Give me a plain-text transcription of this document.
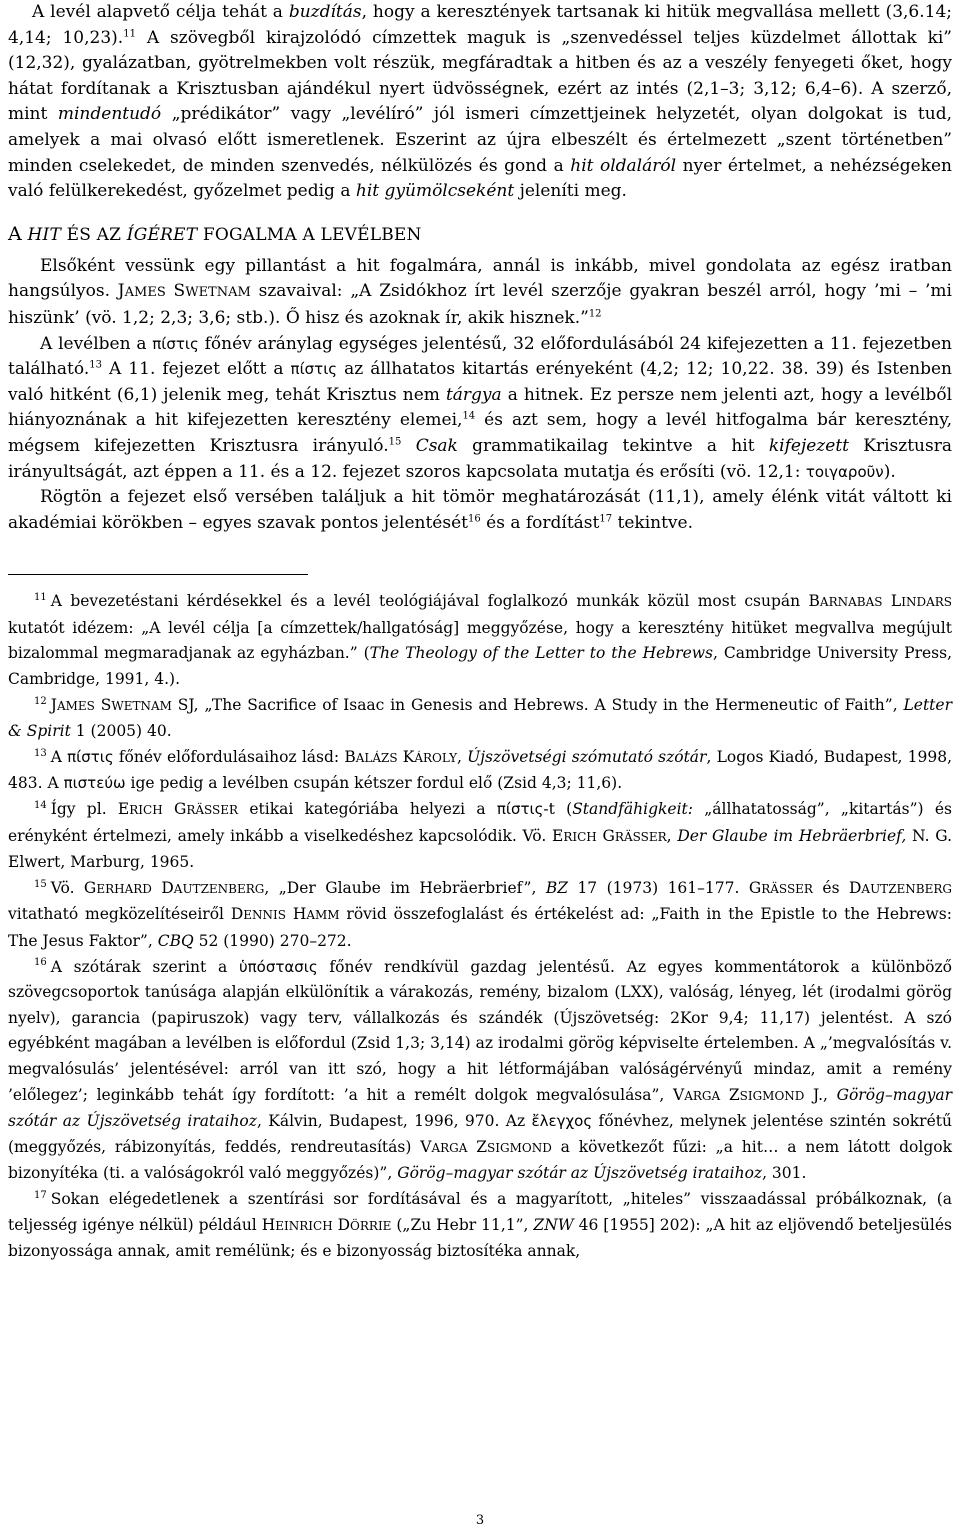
A levél alapvető célja tehát a buzdítás, hogy a keresztények tartsanak ki hitük megvallása mellett (3,6.14; 4,14; 10,23).$^{11}$ A szövegből kirajzolódó címzettek maguk is „szenvedéssel teljes küzdelmet állottak ki” (12,32), gyalázatban, gyötrelmekben volt részük, megfáradtak a hitben és az a veszély fenyegeti őket, hogy hátat fordítanak a Krisztusban ajándékul nyert üdvösségnek, ezért az intés (2,1–3; 3,12; 6,4–6). A szerző, mint mindentudó „prédikátor” vagy „levélíró” jól ismeri címzettjeinek helyzetét, olyan dolgokat is tud, amelyek a mai olvasó előtt ismeretlenek. Eszerint az újra elbeszélt és értelmezett „szent történetben” minden cselekedet, de minden szenvedés, nélkülözés és gond a hit oldaláról nyer értelmet, a nehézségeken való felülkerekedést, győzelmet pedig a hit gyümölcseként jeleníti meg.

A HIT ÉS AZ ÍGÉRET FOGALMA A LEVÉLBEN

Elsőként vessünk egy pillantást a hit fogalmára, annál is inkább, mivel gondolata az egész iratban hangsúlyos. JAMES SWETNAM szavaival: „A Zsidókhoz írt levél szerzője gyakran beszél arról, hogy ’mi – ’mi hiszünk’ (vö. 1,2; 2,3; 3,6; stb.). Ő hisz és azoknak ír, akik hisznek.”$^{12}$

A levélben a πίστις főnév aránylag egységes jelentésű, 32 előfordulásából 24 kifejezetten a 11. fejezetben található.$^{13}$ A 11. fejezet előtt a πίστις az állhatatos kitartás erényeként (4,2; 12; 10,22. 38. 39) és Istenben való hitként (6,1) jelenik meg, tehát Krisztus nem tárgya a hitnek. Ez persze nem jelenti azt, hogy a levélből hiányoznának a hit kifejezetten keresztény elemei,$^{14}$ és azt sem, hogy a levél hitfogalma bár keresztény, mégsem kifejezetten Krisztusra irányuló.$^{15}$ Csak grammatikailag tekintve a hit kifejezett Krisztusra irányultságát, azt éppen a 11. és a 12. fejezet szoros kapcsolata mutatja és erősíti (vö. 12,1: τοιγαροῦν).

Rögtön a fejezet első versében találjuk a hit tömör meghatározását (11,1), amely élénk vitát váltott ki akadémiai körökben – egyes szavak pontos jelentését$^{16}$ és a fordítást$^{17}$ tekintve.

$^{11}$ A bevezetéstani kérdésekkel és a levél teológiájával foglalkozó munkák közül most csupán BARNABAS LINDARS kutatót idézem: „A levél célja [a címzettek/hallgatóság] meggyőzése, hogy a keresztény hitüket megvallva megújult bizalommal megmaradjanak az egyházban.” (The Theology of the Letter to the Hebrews, Cambridge University Press, Cambridge, 1991, 4.).

$^{12}$ JAMES SWETNAM SJ, „The Sacrifice of Isaac in Genesis and Hebrews. A Study in the Hermeneutic of Faith”, Letter & Spirit 1 (2005) 40.

$^{13}$ A πίστις főnév előfordulásaihoz lásd: BALÁZS KÁROLY, Újszövetségi szómutató szótár, Logos Kiadó, Budapest, 1998, 483. A πιστεύω ige pedig a levélben csupán kétszer fordul elő (Zsid 4,3; 11,6).

$^{14}$ Így pl. ERICH GRÄSSER etikai kategóriába helyezi a πίστις-t (Standfähigkeit: „állhatatosság”, „kitartás”) és erényként értelmezi, amely inkább a viselkedéshez kapcsolódik. Vö. ERICH GRÄSSER, Der Glaube im Hebräerbrief, N. G. Elwert, Marburg, 1965.

$^{15}$ Vö. GERHARD DAUTZENBERG, „Der Glaube im Hebräerbrief”, BZ 17 (1973) 161–177. GRÄSSER és DAUTZENBERG vitatható megközelítéseiről DENNIS HAMM rövid összefoglalást és értékelést ad: „Faith in the Epistle to the Hebrews: The Jesus Faktor”, CBQ 52 (1990) 270–272.

$^{16}$ A szótárak szerint a ὑπόστασις főnév rendkívül gazdag jelentésű. Az egyes kommentátorok a különböző szövegcsoportok tanúsága alapján elkülönítik a várakozás, remény, bizalom (LXX), valóság, lényeg, lét (irodalmi görög nyelv), garancia (papiruszok) vagy terv, vállalkozás és szándék (Újszövetség: 2Kor 9,4; 11,17) jelentést. A szó egyébként magában a levélben is előfordul (Zsid 1,3; 3,14) az irodalmi görög képviselte értelemben. A „’megvalósítás v. megvalósulás’ jelentésével: arról van itt szó, hogy a hit létformájában valóságérvényű mindaz, amit a remény ’előlegez’; leginkább tehát így fordított: ’a hit a remélt dolgok megvalósulása”, VARGA ZSIGMOND J., Görög–magyar szótár az Újszövetség irataihoz, Kálvin, Budapest, 1996, 970. Az ἔλεγχος főnévhez, melynek jelentése szintén sokrétű (meggyőzés, rábizonyítás, feddés, rendreutasítás) VARGA ZSIGMOND a következőt fűzi: „a hit… a nem látott dolgok bizonyítéka (ti. a valóságokról való meggyőzés)”, Görög–magyar szótár az Újszövetség irataihoz, 301.

$^{17}$ Sokan elégedetlenek a szentírási sor fordításával és a magyarított, „hiteles” visszaadással próbálkoznak, (a teljesség igénye nélkül) például HEINRICH DÖRRIE („Zu Hebr 11,1”, ZNW 46 [1955] 202): „A hit az eljövendő beteljesülés bizonyossága annak, amit remélünk; és e bizonyosság biztosítéka annak,

3
